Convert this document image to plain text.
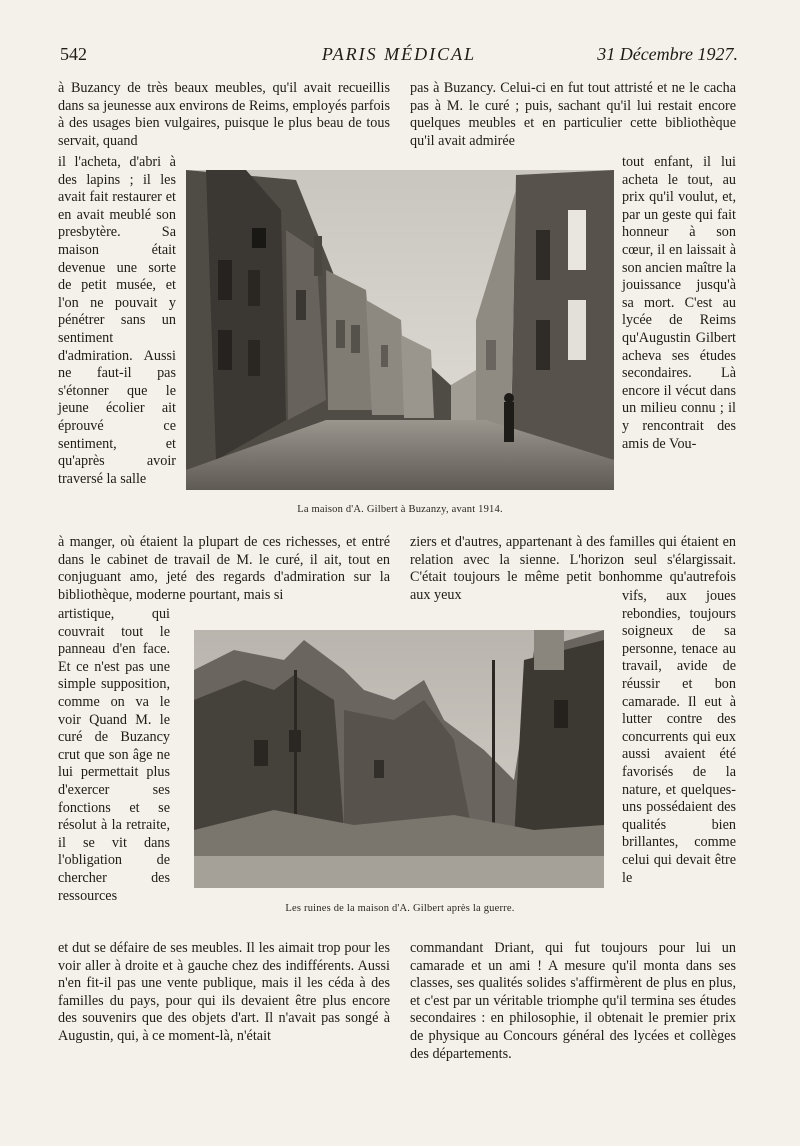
542	PARIS MÉDICAL	31 Décembre 1927.

à Buzancy de très beaux meubles, qu'il avait recueillis dans sa jeunesse aux environs de Reims, employés parfois à des usages bien vulgaires, puisque le plus beau de tous servait, quand

il l'acheta, d'abri à des lapins ; il les avait fait restaurer et en avait meublé son presbytère. Sa maison était devenue une sorte de petit musée, et l'on ne pouvait y pénétrer sans un sentiment d'admiration. Aussi ne faut-il pas s'étonner que le jeune écolier ait éprouvé ce sentiment, et qu'après avoir traversé la salle

à manger, où étaient la plupart de ces richesses, et entré dans le cabinet de travail de M. le curé, il ait, tout en conjuguant amo, jeté des regards d'admiration sur la bibliothèque, moderne pourtant, mais si

artistique, qui couvrait tout le panneau d'en face. Et ce n'est pas une simple supposition, comme on va le voir Quand M. le curé de Buzancy crut que son âge ne lui permettait plus d'exercer ses fonctions et se résolut à la retraite, il se vit dans l'obligation de chercher des ressources

et dut se défaire de ses meubles. Il les aimait trop pour les voir aller à droite et à gauche chez des indifférents. Aussi n'en fit-il pas une vente publique, mais il les céda à des familles du pays, pour qui ils devaient être plus encore des souvenirs que des objets d'art. Il n'avait pas songé à Augustin, qui, à ce moment-là, n'était

pas à Buzancy. Celui-ci en fut tout attristé et ne le cacha pas à M. le curé ; puis, sachant qu'il lui restait encore quelques meubles et en particulier cette bibliothèque qu'il avait admirée

tout enfant, il lui acheta le tout, au prix qu'il voulut, et, par un geste qui fait honneur à son cœur, il en laissait à son ancien maître la jouissance jusqu'à sa mort. C'est au lycée de Reims qu'Augustin Gilbert acheva ses études secondaires. Là encore il vécut dans un milieu connu ; il y rencontrait des amis de Vou-

ziers et d'autres, appartenant à des familles qui étaient en relation avec la sienne. L'horizon seul s'élargissait. C'était toujours le même petit bonhomme qu'autrefois aux yeux	vifs, aux joues rebondies, toujours soigneux de sa personne, tenace au travail, avide de réussir et bon camarade. Il eut à lutter contre des concurrents qui eux aussi avaient été favorisés de la nature, et quelques-uns possédaient des qualités bien brillantes, comme celui qui devait être le

commandant Driant, qui fut toujours pour lui un camarade et un ami ! A mesure qu'il monta dans ses classes, ses qualités solides s'affirmèrent de plus en plus, et c'est par un véritable triomphe qu'il termina ses études secondaires : en philosophie, il obtenait le premier prix de physique au Concours général des lycées et collèges des départements.

La maison d'A. Gilbert à Buzanzy, avant 1914.
Les ruines de la maison d'A. Gilbert après la guerre.
